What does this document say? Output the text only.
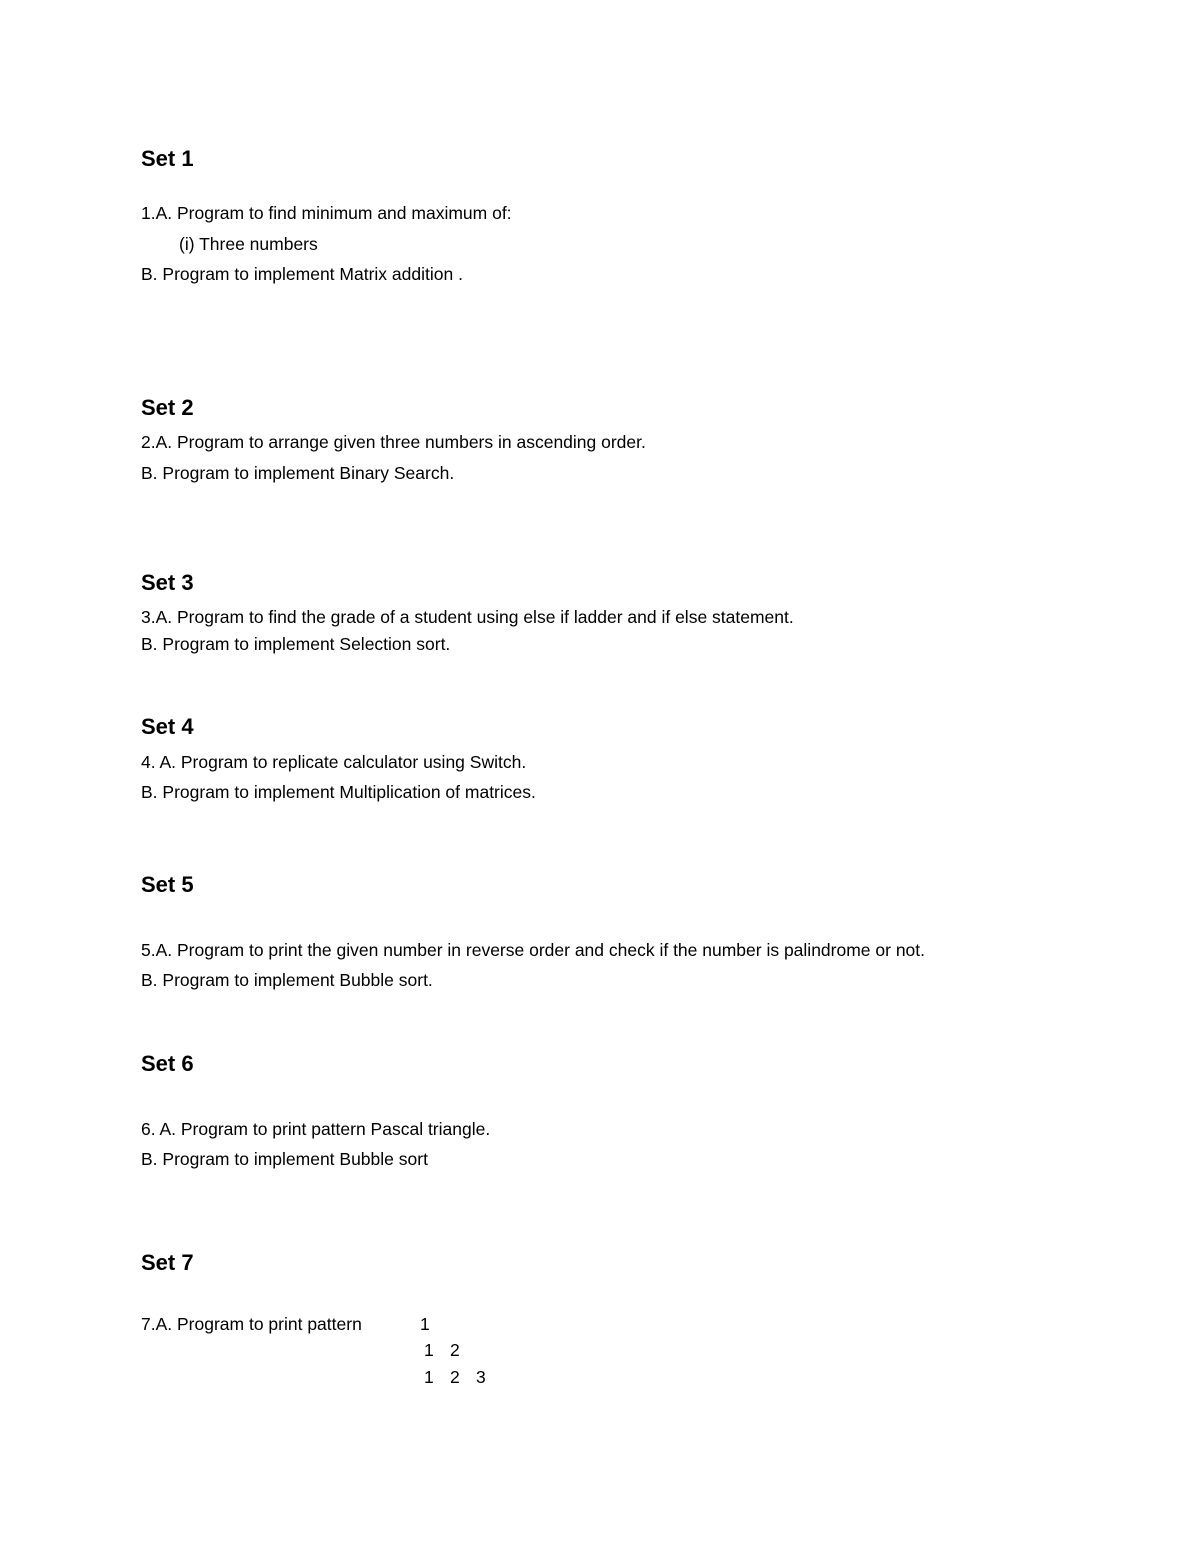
Set 1
1.A. Program to find minimum and maximum of:
(i) Three numbers
B. Program to implement Matrix addition .
Set 2
2.A. Program to arrange given three numbers in ascending order.
B. Program to implement Binary Search.
Set 3
3.A. Program to find the grade of a student using else if ladder and if else statement.
B. Program to implement Selection sort.
Set 4
4. A. Program to replicate calculator using Switch.
B. Program to implement Multiplication of matrices.
Set 5
5.A. Program to print the given number in reverse order and check if the number is palindrome or not.
B. Program to implement Bubble sort.
Set 6
6. A. Program to print pattern Pascal triangle.
B. Program to implement Bubble sort
Set 7
7.A. Program to print pattern	1
1 2
1 2 3
